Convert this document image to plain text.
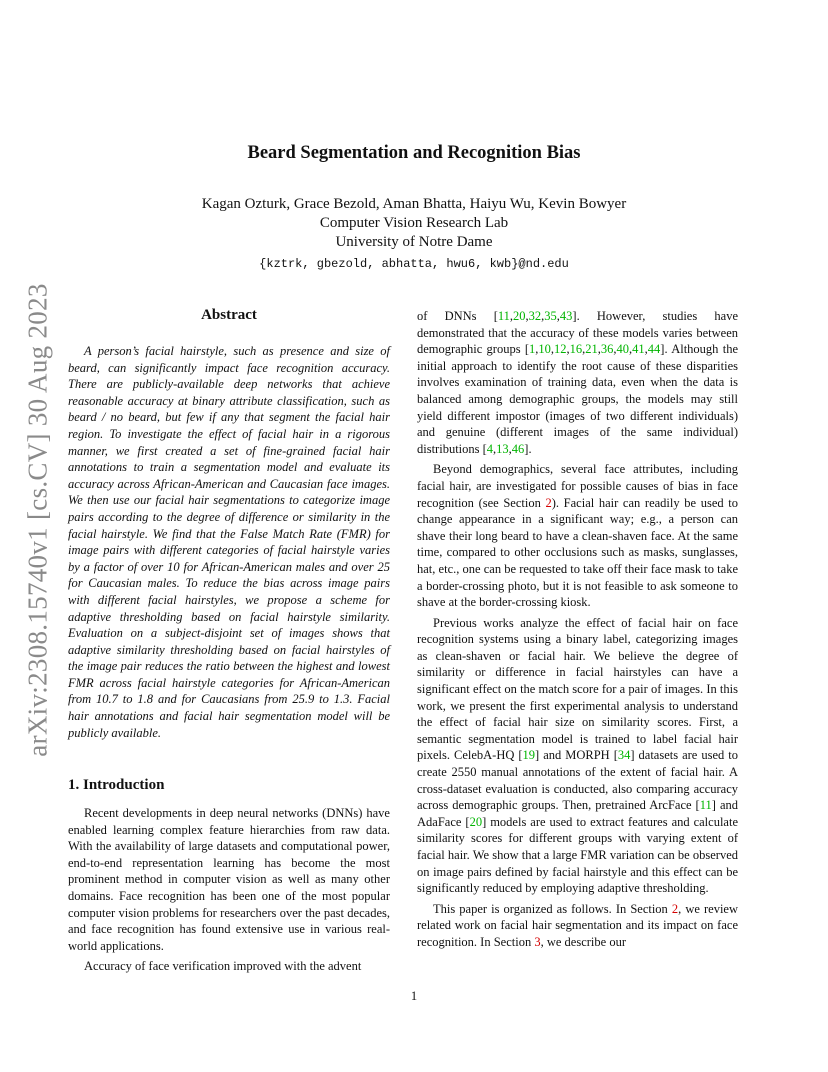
arXiv:2308.15740v1 [cs.CV] 30 Aug 2023
Beard Segmentation and Recognition Bias
Kagan Ozturk, Grace Bezold, Aman Bhatta, Haiyu Wu, Kevin Bowyer
Computer Vision Research Lab
University of Notre Dame
{kztrk, gbezold, abhatta, hwu6, kwb}@nd.edu
Abstract

A person’s facial hairstyle, such as presence and size of beard, can significantly impact face recognition accuracy. There are publicly-available deep networks that achieve reasonable accuracy at binary attribute classification, such as beard / no beard, but few if any that segment the facial hair region. To investigate the effect of facial hair in a rigorous manner, we first created a set of fine-grained facial hair annotations to train a segmentation model and evaluate its accuracy across African-American and Caucasian face images. We then use our facial hair segmentations to categorize image pairs according to the degree of difference or similarity in the facial hairstyle. We find that the False Match Rate (FMR) for image pairs with different categories of facial hairstyle varies by a factor of over 10 for African-American males and over 25 for Caucasian males. To reduce the bias across image pairs with different facial hairstyles, we propose a scheme for adaptive thresholding based on facial hairstyle similarity. Evaluation on a subject-disjoint set of images shows that adaptive similarity thresholding based on facial hairstyles of the image pair reduces the ratio between the highest and lowest FMR across facial hairstyle categories for African-American from 10.7 to 1.8 and for Caucasians from 25.9 to 1.3. Facial hair annotations and facial hair segmentation model will be publicly available.

1. Introduction

Recent developments in deep neural networks (DNNs) have enabled learning complex feature hierarchies from raw data. With the availability of large datasets and computational power, end-to-end representation learning has become the most prominent method in computer vision as well as many other domains. Face recognition has been one of the most popular computer vision problems for researchers over the past decades, and face recognition has found extensive use in various real-world applications.

Accuracy of face verification improved with the advent

of DNNs [11,20,32,35,43]. However, studies have demonstrated that the accuracy of these models varies between demographic groups [1,10,12,16,21,36,40,41,44]. Although the initial approach to identify the root cause of these disparities involves examination of training data, even when the data is balanced among demographic groups, the models may still yield different impostor (images of two different individuals) and genuine (different images of the same individual) distributions [4,13,46].

Beyond demographics, several face attributes, including facial hair, are investigated for possible causes of bias in face recognition (see Section 2). Facial hair can readily be used to change appearance in a significant way; e.g., a person can shave their long beard to have a clean-shaven face. At the same time, compared to other occlusions such as masks, sunglasses, hat, etc., one can be requested to take off their face mask to take a border-crossing photo, but it is not feasible to ask someone to shave at the border-crossing kiosk.

Previous works analyze the effect of facial hair on face recognition systems using a binary label, categorizing images as clean-shaven or facial hair. We believe the degree of similarity or difference in facial hairstyles can have a significant effect on the match score for a pair of images. In this work, we present the first experimental analysis to understand the effect of facial hair size on similarity scores. First, a semantic segmentation model is trained to label facial hair pixels. CelebA-HQ [19] and MORPH [34] datasets are used to create 2550 manual annotations of the extent of facial hair. A cross-dataset evaluation is conducted, also comparing accuracy across demographic groups. Then, pretrained ArcFace [11] and AdaFace [20] models are used to extract features and calculate similarity scores for different groups with varying extent of facial hair. We show that a large FMR variation can be observed on image pairs defined by facial hairstyle and this effect can be significantly reduced by employing adaptive thresholding.

This paper is organized as follows. In Section 2, we review related work on facial hair segmentation and its impact on face recognition. In Section 3, we describe our

1
